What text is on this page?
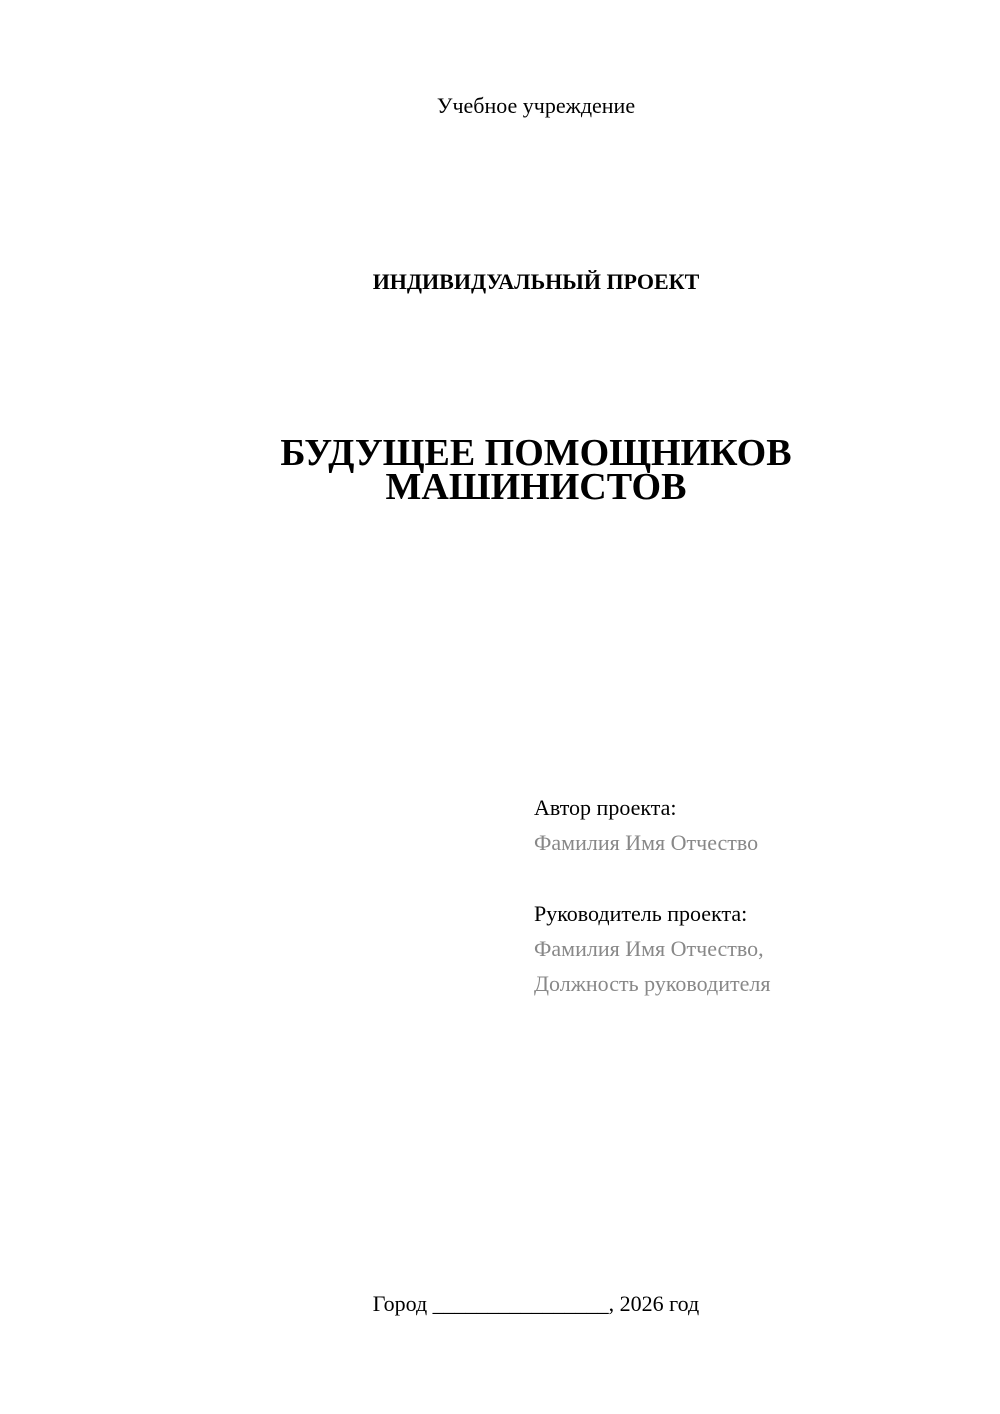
Учебное учреждение
ИНДИВИДУАЛЬНЫЙ ПРОЕКТ
БУДУЩЕЕ ПОМОЩНИКОВ
МАШИНИСТОВ
Автор проекта:
Фамилия Имя Отчество
Руководитель проекта:
Фамилия Имя Отчество,
Должность руководителя
Город ________________, 2026 год
